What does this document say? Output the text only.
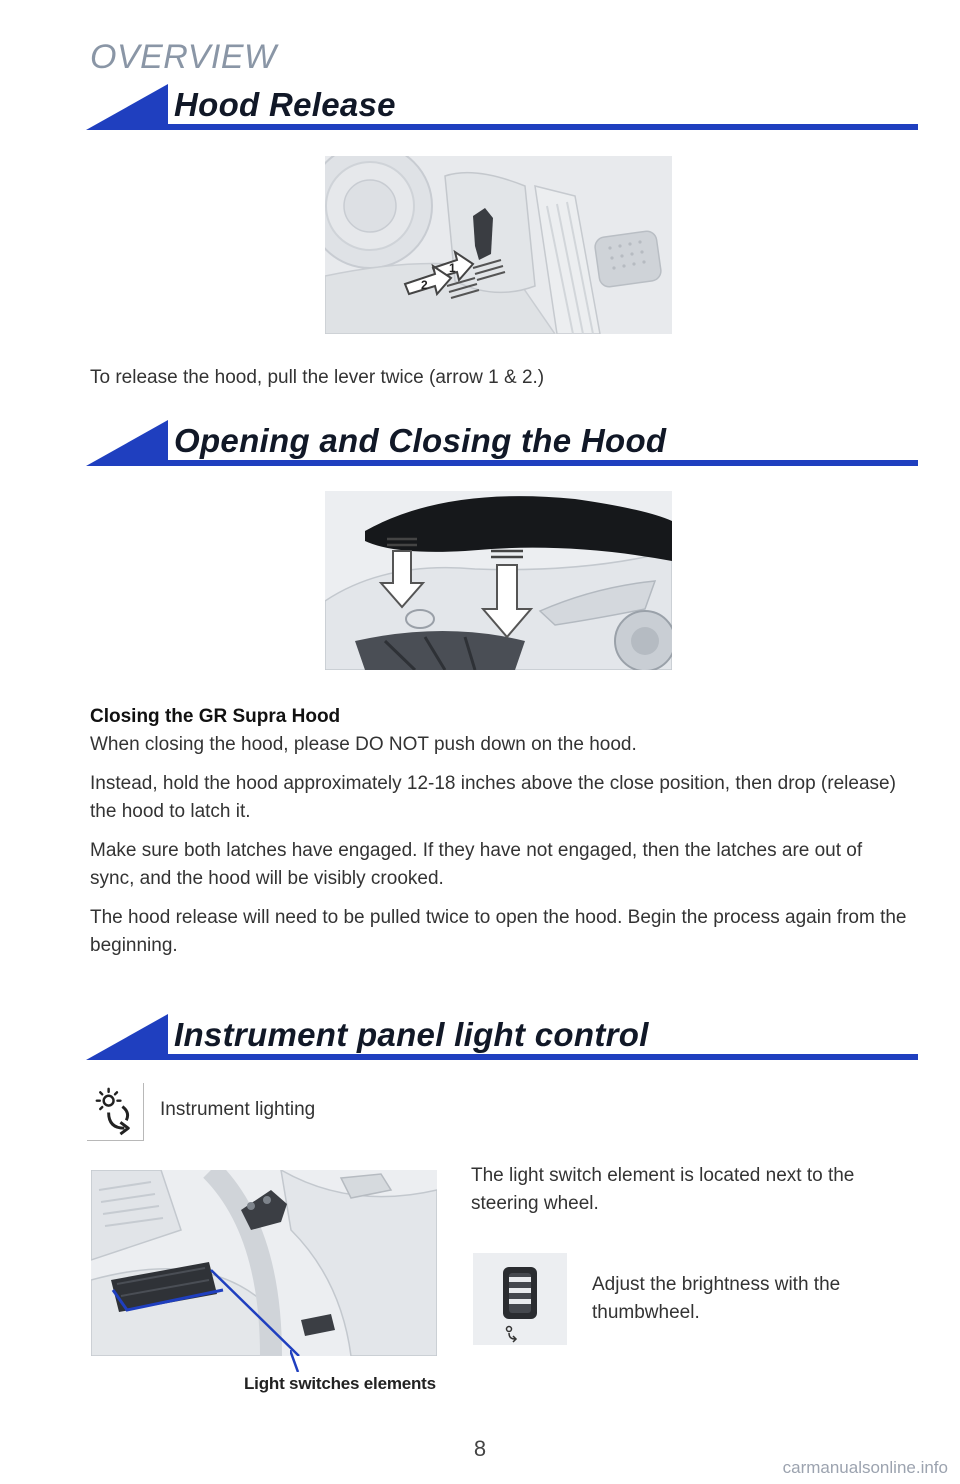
OVERVIEW
Hood Release
1
2
To release the hood, pull the lever twice (arrow 1 & 2.)
Opening and Closing the Hood

Closing the GR Supra Hood

When closing the hood, please DO NOT push down on the hood.

Instead, hold the hood approximately 12-18 inches above the close position, then drop (release) the hood to latch it.

Make sure both latches have engaged. If they have not engaged, then the latches are out of sync, and the hood will be visibly crooked.

The hood release will need to be pulled twice to open the hood. Begin the process again from the beginning.

Instrument panel light control
Instrument lighting
Light switches elements
The light switch element is located next to the steering wheel.
Adjust the brightness with the thumbwheel.
8
carmanualsonline.info
